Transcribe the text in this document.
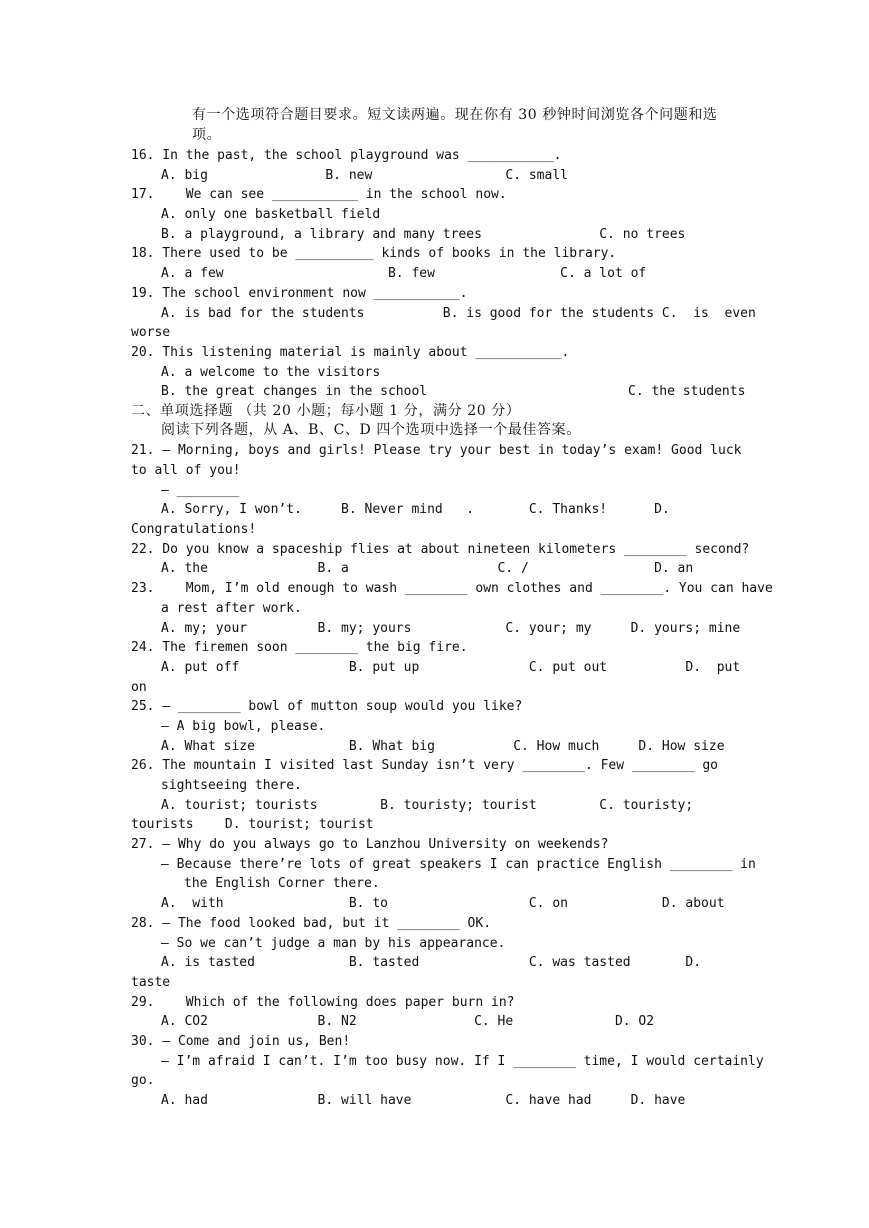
有一个选项符合题目要求。短文读两遍。现在你有 30 秒钟时间浏览各个问题和选
项。
16. In the past, the school playground was ___________.
A. big               B. new                 C. small
17.    We can see ___________ in the school now.
A. only one basketball field
B. a playground, a library and many trees               C. no trees
18. There used to be __________ kinds of books in the library.
A. a few                     B. few                C. a lot of
19. The school environment now ___________.
A. is bad for the students          B. is good for the students C.  is  even
worse
20. This listening material is mainly about ___________.
A. a welcome to the visitors
B. the great changes in the school	C. the students
二、单项选择题 （共 20 小题；每小题 1 分，满分 20 分）
阅读下列各题，从 A、B、C、D 四个选项中选择一个最佳答案。
21. — Morning, boys and girls! Please try your best in today’s exam! Good luck
to all of you!
— ________
A. Sorry, I won’t.     B. Never mind   .       C. Thanks!      D.
Congratulations!
22. Do you know a spaceship flies at about nineteen kilometers ________ second?
A. the              B. a                   C. /                D. an
23.    Mom, I’m old enough to wash ________ own clothes and ________. You can have
a rest after work.
A. my; your         B. my; yours            C. your; my     D. yours; mine
24. The firemen soon ________ the big fire.
A. put off              B. put up              C. put out          D.  put
on
25. — ________ bowl of mutton soup would you like?
— A big bowl, please.
A. What size            B. What big          C. How much     D. How size
26. The mountain I visited last Sunday isn’t very ________. Few ________ go
sightseeing there.
A. tourist; tourists        B. touristy; tourist        C. touristy;
tourists    D. tourist; tourist
27. — Why do you always go to Lanzhou University on weekends?
— Because there’re lots of great speakers I can practice English ________ in
the English Corner there.
A.  with                B. to                  C. on            D. about
28. — The food looked bad, but it ________ OK.
— So we can’t judge a man by his appearance.
A. is tasted            B. tasted              C. was tasted       D.
taste
29.    Which of the following does paper burn in?
A. CO2              B. N2               C. He             D. O2
30. — Come and join us, Ben!
— I’m afraid I can’t. I’m too busy now. If I ________ time, I would certainly
go.
A. had              B. will have            C. have had     D. have
